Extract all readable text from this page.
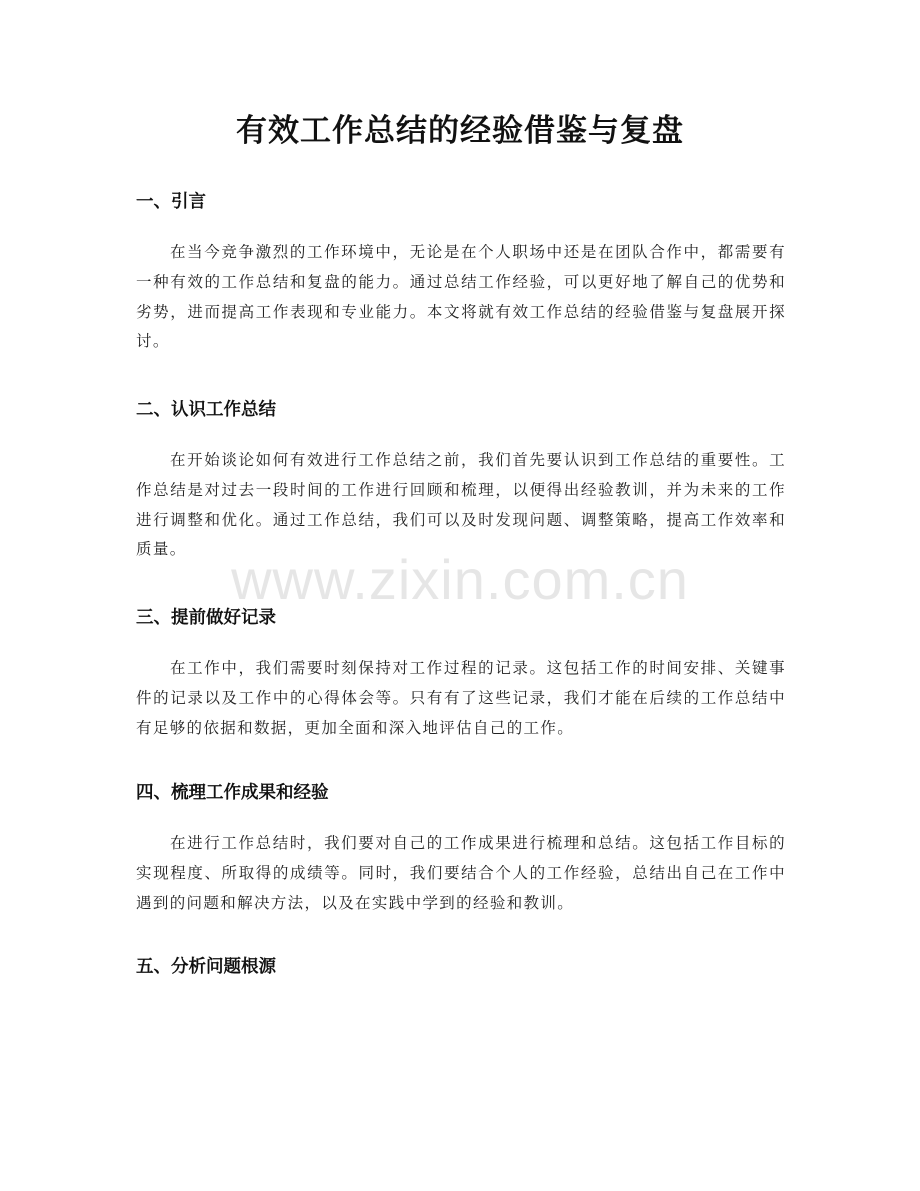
有效工作总结的经验借鉴与复盘
一、引言

在当今竞争激烈的工作环境中，无论是在个人职场中还是在团队合作中，都需要有一种有效的工作总结和复盘的能力。通过总结工作经验，可以更好地了解自己的优势和劣势，进而提高工作表现和专业能力。本文将就有效工作总结的经验借鉴与复盘展开探讨。

二、认识工作总结

在开始谈论如何有效进行工作总结之前，我们首先要认识到工作总结的重要性。工作总结是对过去一段时间的工作进行回顾和梳理，以便得出经验教训，并为未来的工作进行调整和优化。通过工作总结，我们可以及时发现问题、调整策略，提高工作效率和质量。

三、提前做好记录

在工作中，我们需要时刻保持对工作过程的记录。这包括工作的时间安排、关键事件的记录以及工作中的心得体会等。只有有了这些记录，我们才能在后续的工作总结中有足够的依据和数据，更加全面和深入地评估自己的工作。

四、梳理工作成果和经验

在进行工作总结时，我们要对自己的工作成果进行梳理和总结。这包括工作目标的实现程度、所取得的成绩等。同时，我们要结合个人的工作经验，总结出自己在工作中遇到的问题和解决方法，以及在实践中学到的经验和教训。

五、分析问题根源
www.zixin.com.cn
